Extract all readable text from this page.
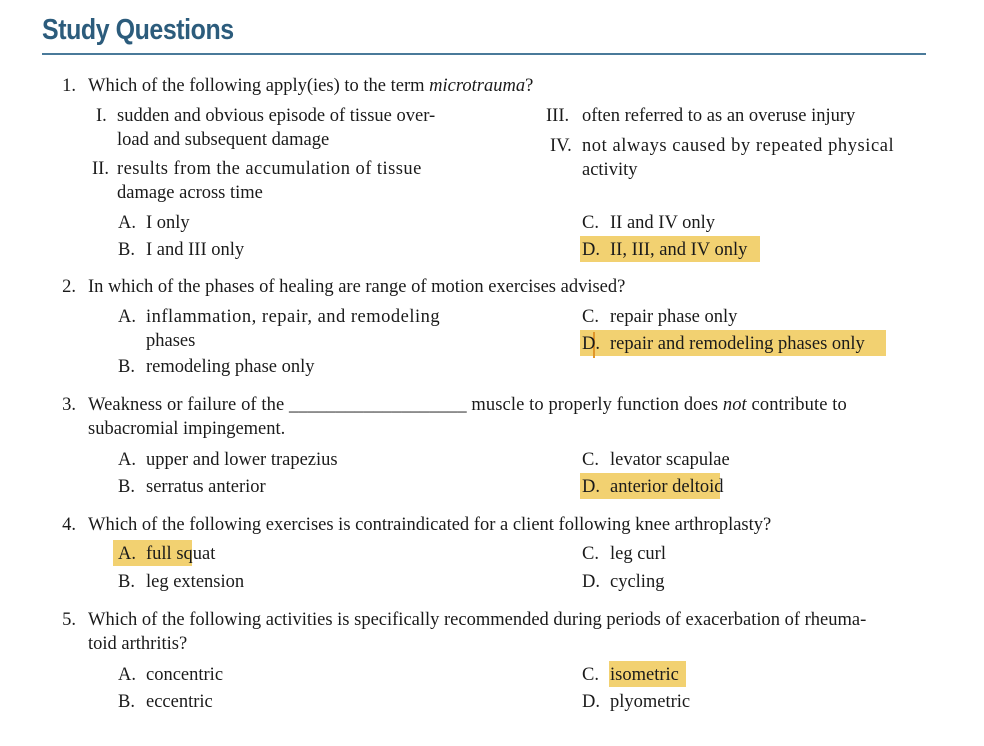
Study Questions
1. Which of the following apply(ies) to the term microtrauma?
I. sudden and obvious episode of tissue over-
load and subsequent damage
II. results from the accumulation of tissue
damage across time
III. often referred to as an overuse injury
IV. not always caused by repeated physical
activity
A. I only
B. I and III only
C. II and IV only
D. II, III, and IV only
2. In which of the phases of healing are range of motion exercises advised?
A. inflammation, repair, and remodeling
phases
B. remodeling phase only
C. repair phase only
D. repair and remodeling phases only
3. Weakness or failure of the ___________________ muscle to properly function does not contribute to
subacromial impingement.
A. upper and lower trapezius
B. serratus anterior
C. levator scapulae
D. anterior deltoid
4. Which of the following exercises is contraindicated for a client following knee arthroplasty?
A. full squat
B. leg extension
C. leg curl
D. cycling
5. Which of the following activities is specifically recommended during periods of exacerbation of rheuma-
toid arthritis?
A. concentric
B. eccentric
C. isometric
D. plyometric
